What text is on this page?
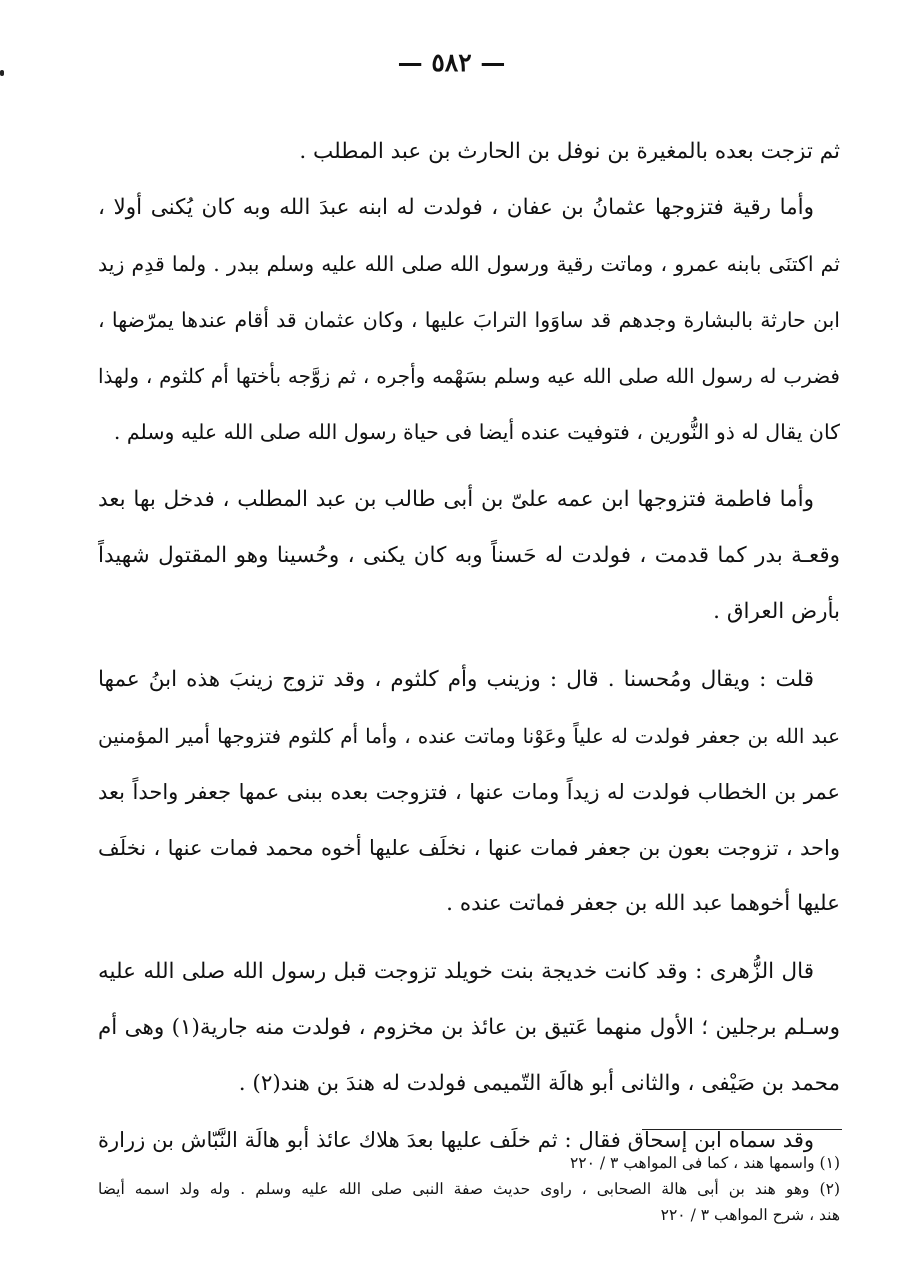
— ٥٨٢ —
ثم تزجت بعده بالمغيرة بن نوفل بن الحارث بن عبد المطلب .
وأما رقية فتزوجها عثمانُ بن عفان ، فولدت له ابنه عبدَ الله وبه كان يُكنى أولا ،
ثم اكتنَى بابنه عمرو ، وماتت رقية ورسول الله صلى الله عليه وسلم ببدر . ولما قدِم زيد
ابن حارثة بالبشارة وجدهم قد ساوَوا الترابَ عليها ، وكان عثمان قد أقام عندها يمرّضها ،
فضرب له رسول الله صلى الله عيه وسلم بسَهْمه وأجره ، ثم زوَّجه بأختها أم كلثوم ، ولهذا
كان يقال له ذو النُّورين ، فتوفيت عنده أيضا فى حياة رسول الله صلى الله عليه وسلم .
وأما فاطمة فتزوجها ابن عمه علىّ بن أبى طالب بن عبد المطلب ، فدخل بها بعد
وقعـة بدر كما قدمت ، فولدت له حَسناً وبه كان يكنى ، وحُسينا وهو المقتول شهيداً
بأرض العراق .
قلت : ويقال ومُحسنا . قال : وزينب وأم كلثوم ، وقد تزوج زينبَ هذه ابنُ عمها
عبد الله بن جعفر فولدت له علياً وعَوْنا وماتت عنده ، وأما أم كلثوم فتزوجها أمير المؤمنين
عمر بن الخطاب فولدت له زيداً ومات عنها ، فتزوجت بعده ببنى عمها جعفر واحداً بعد
واحد ، تزوجت بعون بن جعفر فمات عنها ، نخلَف عليها أخوه محمد فمات عنها ، نخلَف
عليها أخوهما عبد الله بن جعفر فماتت عنده .
قال الزُّهرى : وقد كانت خديجة بنت خويلد تزوجت قبل رسول الله صلى الله عليه
وسـلم برجلين ؛ الأول منهما عَتيق بن عائذ بن مخزوم ، فولدت منه جارية(١) وهى أم
محمد بن صَيْفى ، والثانى أبو هالَة التّميمى فولدت له هندَ بن هند(٢) .
وقد سماه ابن إسحاق فقال : ثم خلَف عليها بعدَ هلاك عائذ أبو هالَة النَّبّاش بن زرارة
(١) واسمها هند ، كما فى المواهب ٣ / ٢٢٠
(٢) وهو هند بن أبى هالة الصحابى ، راوى حديث صفة النبى صلى الله عليه وسلم . وله ولد اسمه أيضا
هند ، شرح المواهب ٣ / ٢٢٠
